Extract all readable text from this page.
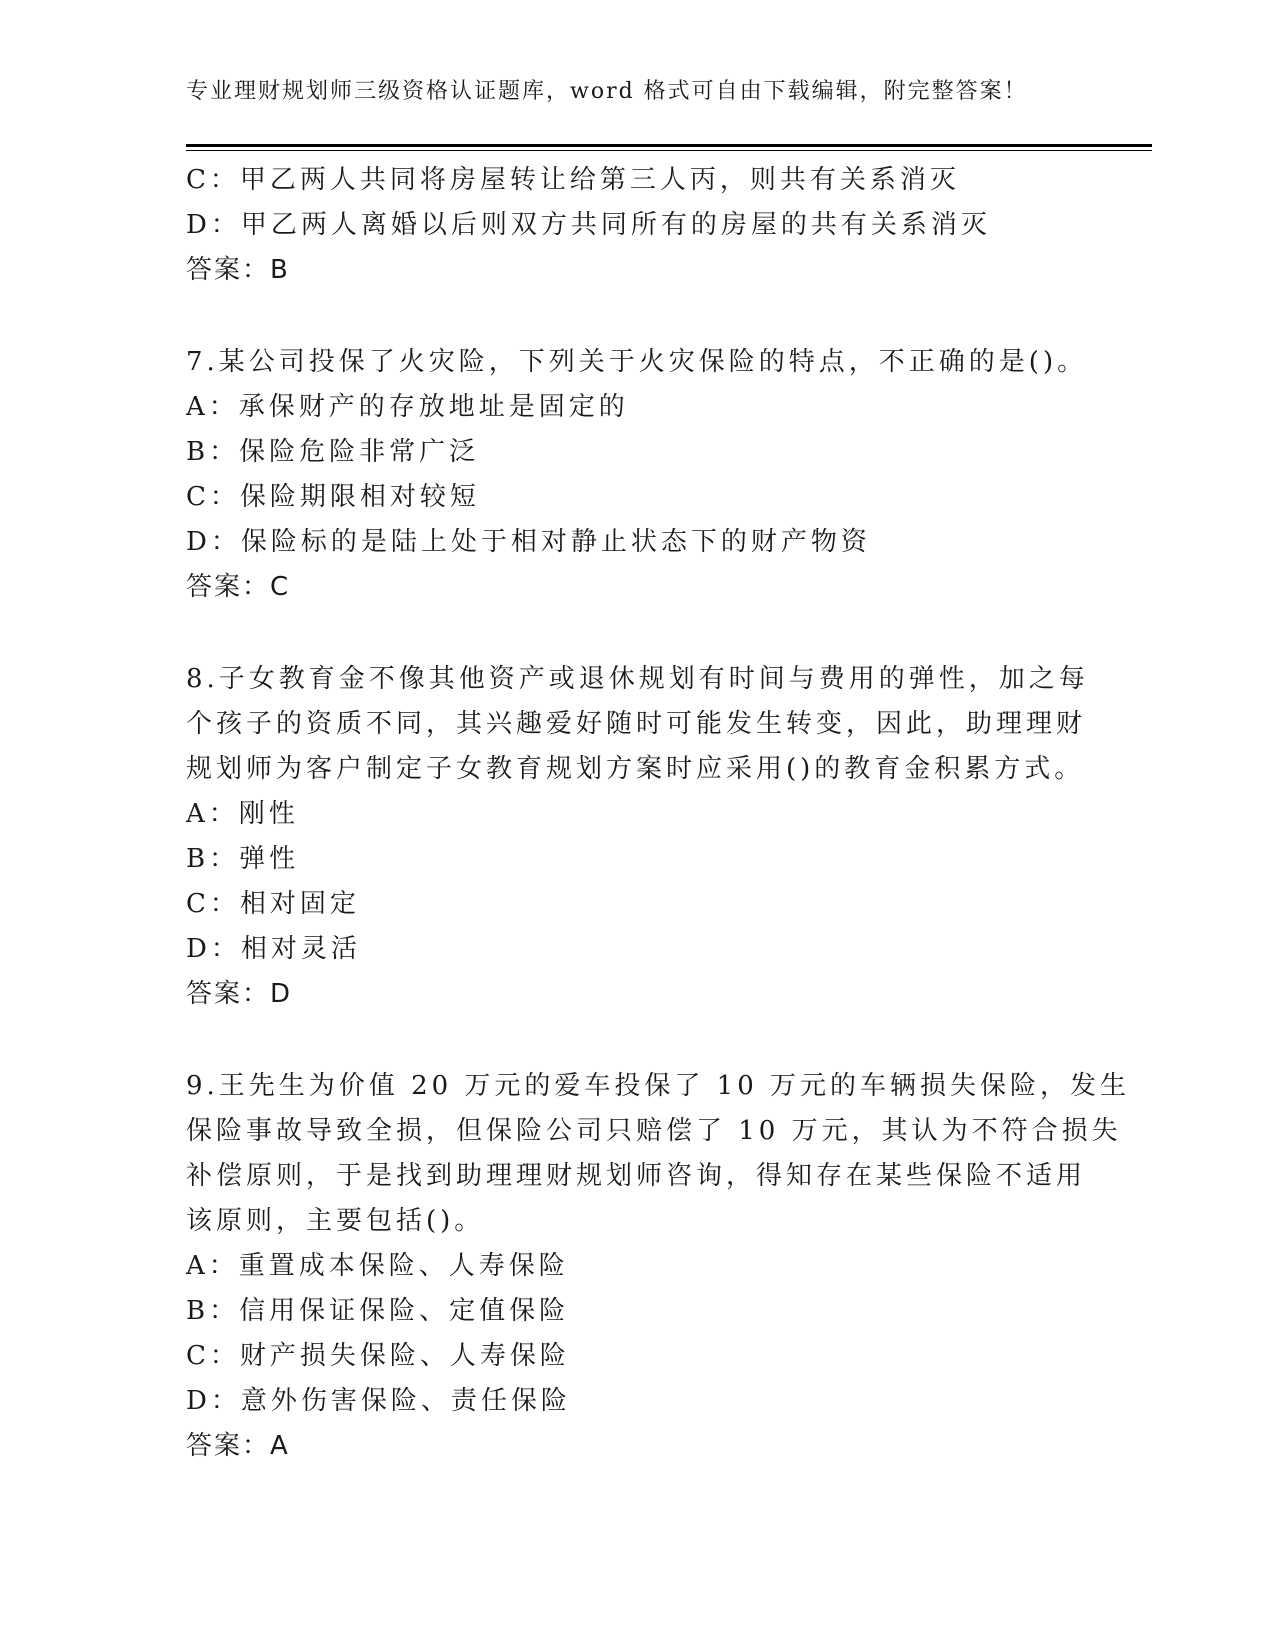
专业理财规划师三级资格认证题库，word 格式可自由下载编辑，附完整答案！
C：甲乙两人共同将房屋转让给第三人丙，则共有关系消灭
D：甲乙两人离婚以后则双方共同所有的房屋的共有关系消灭
答案：B
7.某公司投保了火灾险，下列关于火灾保险的特点，不正确的是()。
A：承保财产的存放地址是固定的
B：保险危险非常广泛
C：保险期限相对较短
D：保险标的是陆上处于相对静止状态下的财产物资
答案：C
8.子女教育金不像其他资产或退休规划有时间与费用的弹性，加之每
个孩子的资质不同，其兴趣爱好随时可能发生转变，因此，助理理财
规划师为客户制定子女教育规划方案时应采用()的教育金积累方式。
A：刚性
B：弹性
C：相对固定
D：相对灵活
答案：D
9.王先生为价值 20 万元的爱车投保了 10 万元的车辆损失保险，发生
保险事故导致全损，但保险公司只赔偿了 10 万元，其认为不符合损失
补偿原则，于是找到助理理财规划师咨询，得知存在某些保险不适用
该原则，主要包括()。
A：重置成本保险、人寿保险
B：信用保证保险、定值保险
C：财产损失保险、人寿保险
D：意外伤害保险、责任保险
答案：A
